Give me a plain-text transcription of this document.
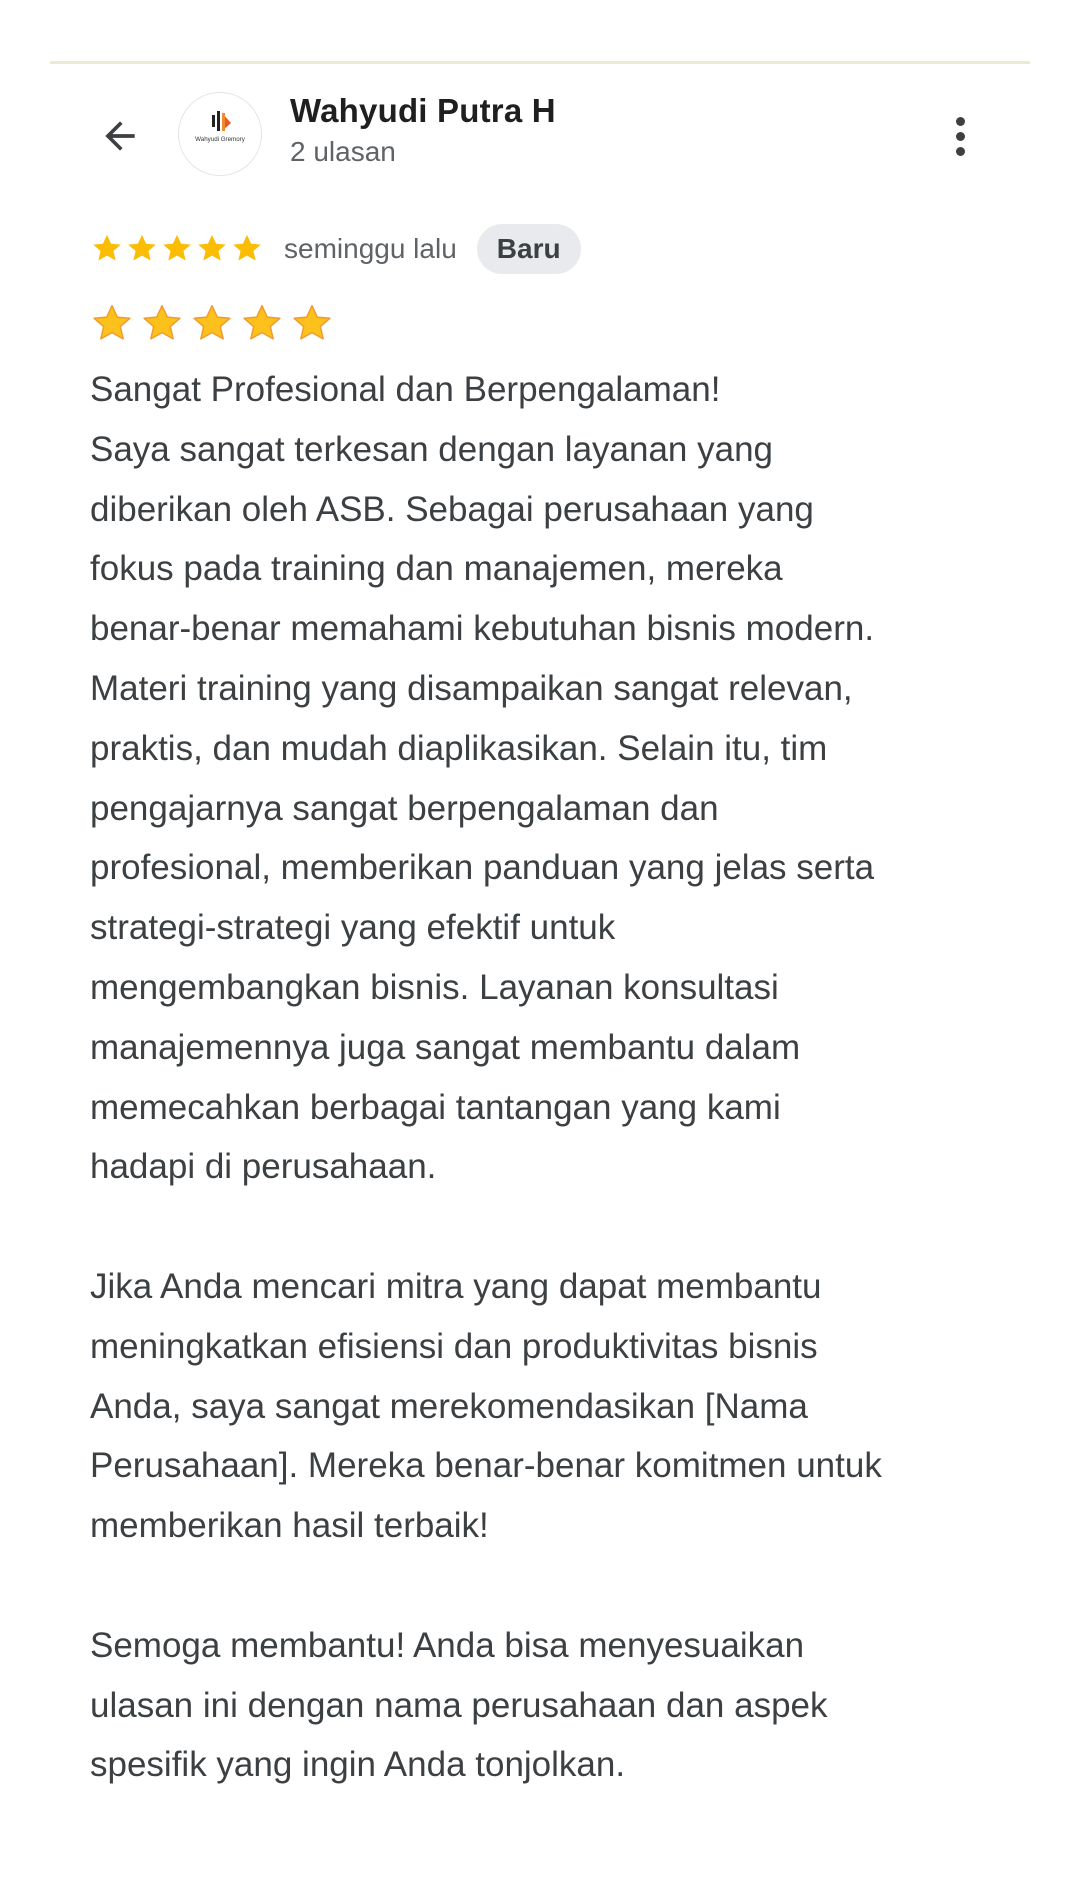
Wahyudi Gremory
Wahyudi Putra H
2 ulasan
seminggu lalu	Baru
Sangat Profesional dan Berpengalaman!
Saya sangat terkesan dengan layanan yang
diberikan oleh ASB. Sebagai perusahaan yang
fokus pada training dan manajemen, mereka
benar-benar memahami kebutuhan bisnis modern.
Materi training yang disampaikan sangat relevan,
praktis, dan mudah diaplikasikan. Selain itu, tim
pengajarnya sangat berpengalaman dan
profesional, memberikan panduan yang jelas serta
strategi-strategi yang efektif untuk
mengembangkan bisnis. Layanan konsultasi
manajemennya juga sangat membantu dalam
memecahkan berbagai tantangan yang kami
hadapi di perusahaan.
Jika Anda mencari mitra yang dapat membantu
meningkatkan efisiensi dan produktivitas bisnis
Anda, saya sangat merekomendasikan [Nama
Perusahaan]. Mereka benar-benar komitmen untuk
memberikan hasil terbaik!
Semoga membantu! Anda bisa menyesuaikan
ulasan ini dengan nama perusahaan dan aspek
spesifik yang ingin Anda tonjolkan.
